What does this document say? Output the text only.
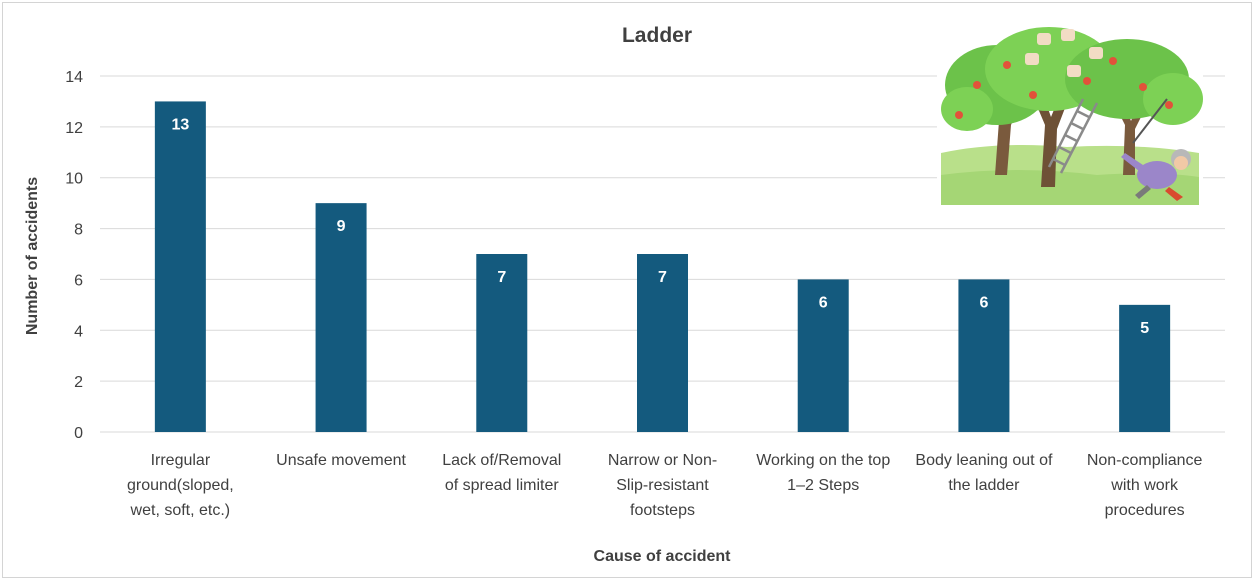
Ladder
Number of accidents
Cause of accident
0
2
4
6
8
10
12
14
13
9
7	7
6	6
5
Irregular ground(sloped, wet, soft, etc.)
Unsafe movement Lack of/Removal of spread limiter
Narrow or Non-Slip-resistant footsteps
Working on the top 1–2 Steps
Body leaning out of the ladder
Non-compliance with work procedures
